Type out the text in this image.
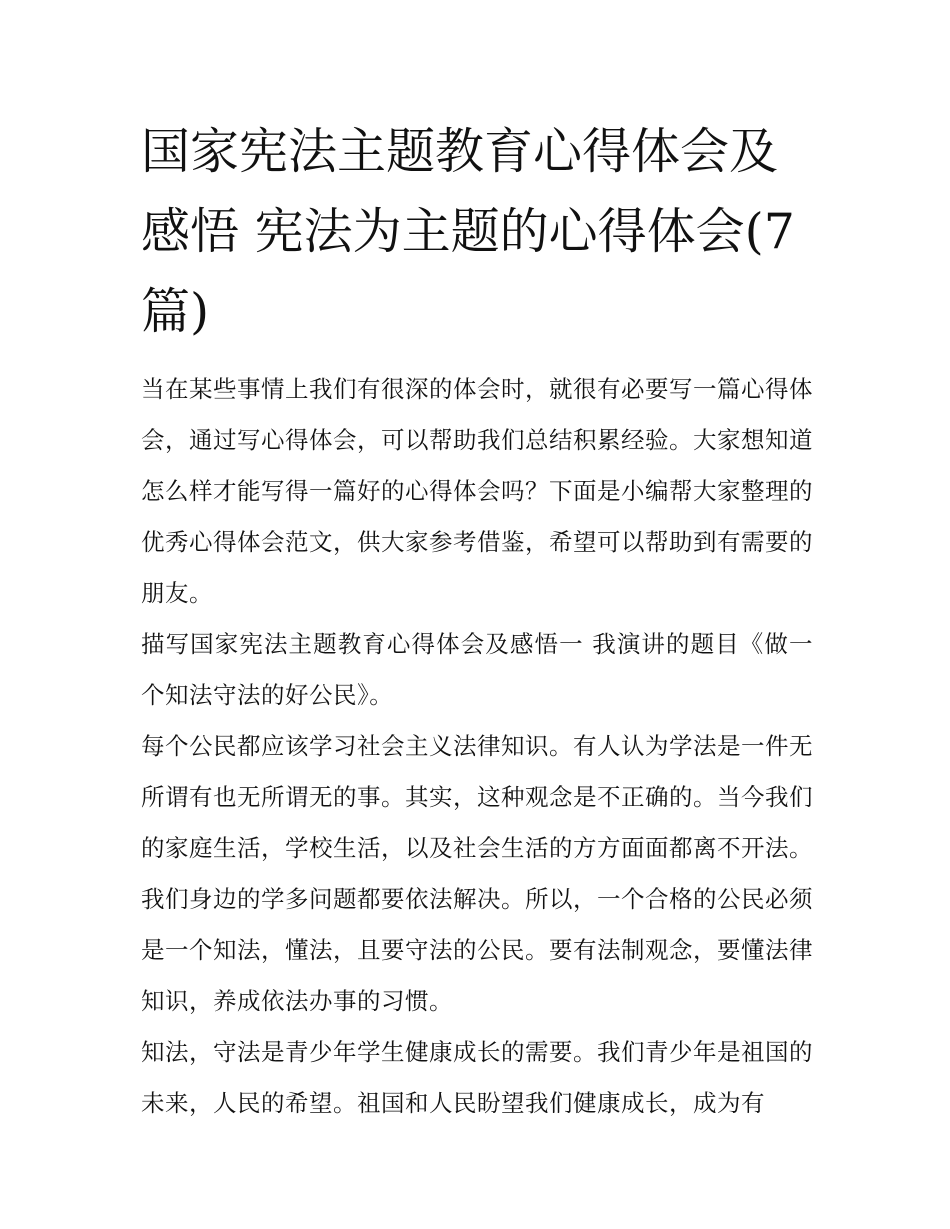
国家宪法主题教育心得体会及感悟 宪法为主题的心得体会(7篇)

当在某些事情上我们有很深的体会时，就很有必要写一篇心得体会，通过写心得体会，可以帮助我们总结积累经验。大家想知道怎么样才能写得一篇好的心得体会吗？下面是小编帮大家整理的优秀心得体会范文，供大家参考借鉴，希望可以帮助到有需要的朋友。

描写国家宪法主题教育心得体会及感悟一 我演讲的题目《做一个知法守法的好公民》。

每个公民都应该学习社会主义法律知识。有人认为学法是一件无所谓有也无所谓无的事。其实，这种观念是不正确的。当今我们的家庭生活，学校生活，以及社会生活的方方面面都离不开法。我们身边的学多问题都要依法解决。所以，一个合格的公民必须是一个知法，懂法，且要守法的公民。要有法制观念，要懂法律知识，养成依法办事的习惯。

知法，守法是青少年学生健康成长的需要。我们青少年是祖国的未来，人民的希望。祖国和人民盼望我们健康成长，成为有
